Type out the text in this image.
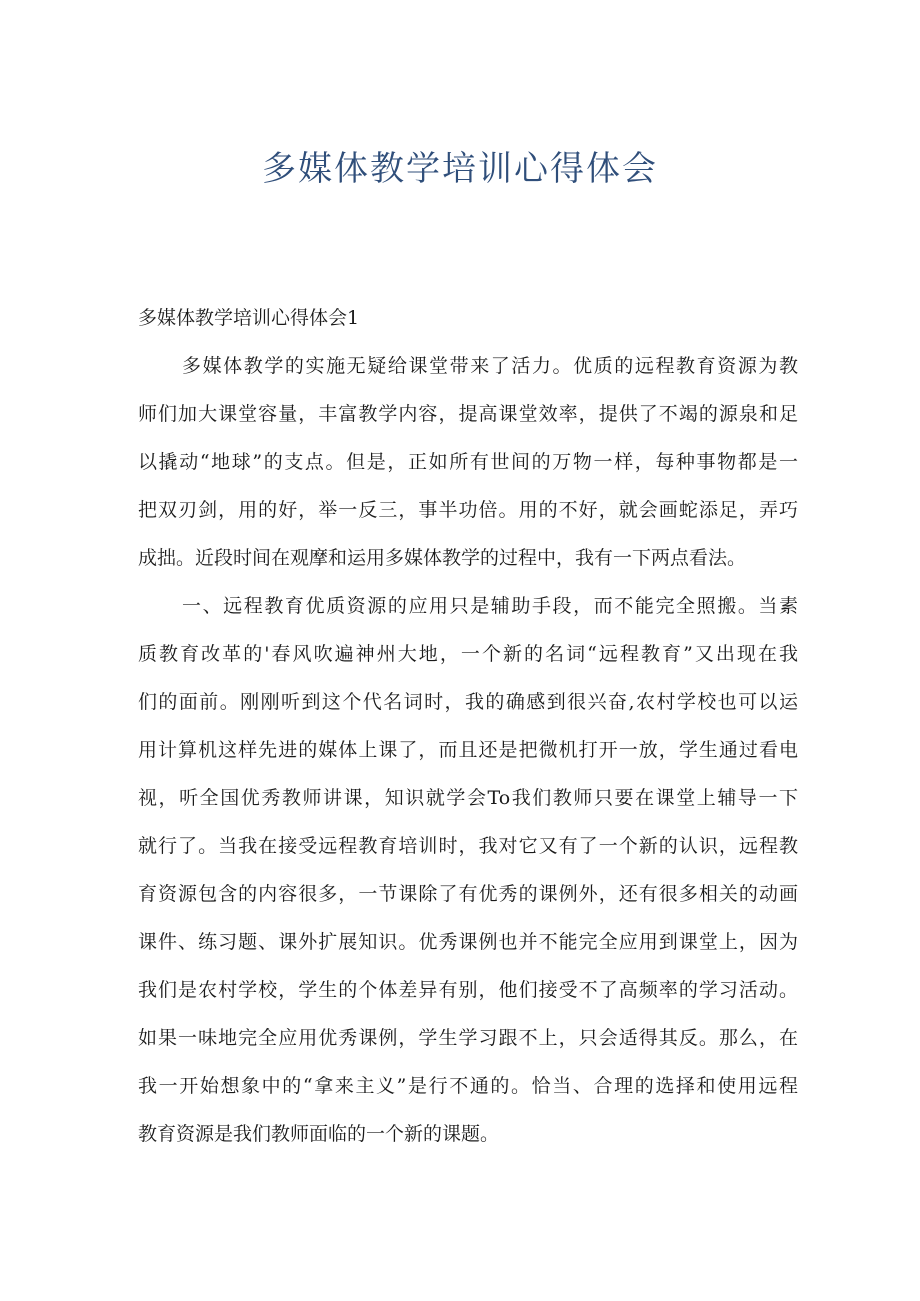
多媒体教学培训心得体会
多媒体教学培训心得体会1
多媒体教学的实施无疑给课堂带来了活力。优质的远程教育资源为教
师们加大课堂容量，丰富教学内容，提高课堂效率，提供了不竭的源泉和足
以撬动“地球”的支点。但是，正如所有世间的万物一样，每种事物都是一
把双刃剑，用的好，举一反三，事半功倍。用的不好，就会画蛇添足，弄巧
成拙。近段时间在观摩和运用多媒体教学的过程中，我有一下两点看法。
一、远程教育优质资源的应用只是辅助手段，而不能完全照搬。当素
质教育改革的'春风吹遍神州大地，一个新的名词“远程教育”又出现在我
们的面前。刚刚听到这个代名词时，我的确感到很兴奋,农村学校也可以运
用计算机这样先进的媒体上课了，而且还是把微机打开一放，学生通过看电
视，听全国优秀教师讲课，知识就学会To我们教师只要在课堂上辅导一下
就行了。当我在接受远程教育培训时，我对它又有了一个新的认识，远程教
育资源包含的内容很多，一节课除了有优秀的课例外，还有很多相关的动画
课件、练习题、课外扩展知识。优秀课例也并不能完全应用到课堂上，因为
我们是农村学校，学生的个体差异有别，他们接受不了高频率的学习活动。
如果一味地完全应用优秀课例，学生学习跟不上，只会适得其反。那么，在
我一开始想象中的“拿来主义”是行不通的。恰当、合理的选择和使用远程
教育资源是我们教师面临的一个新的课题。
